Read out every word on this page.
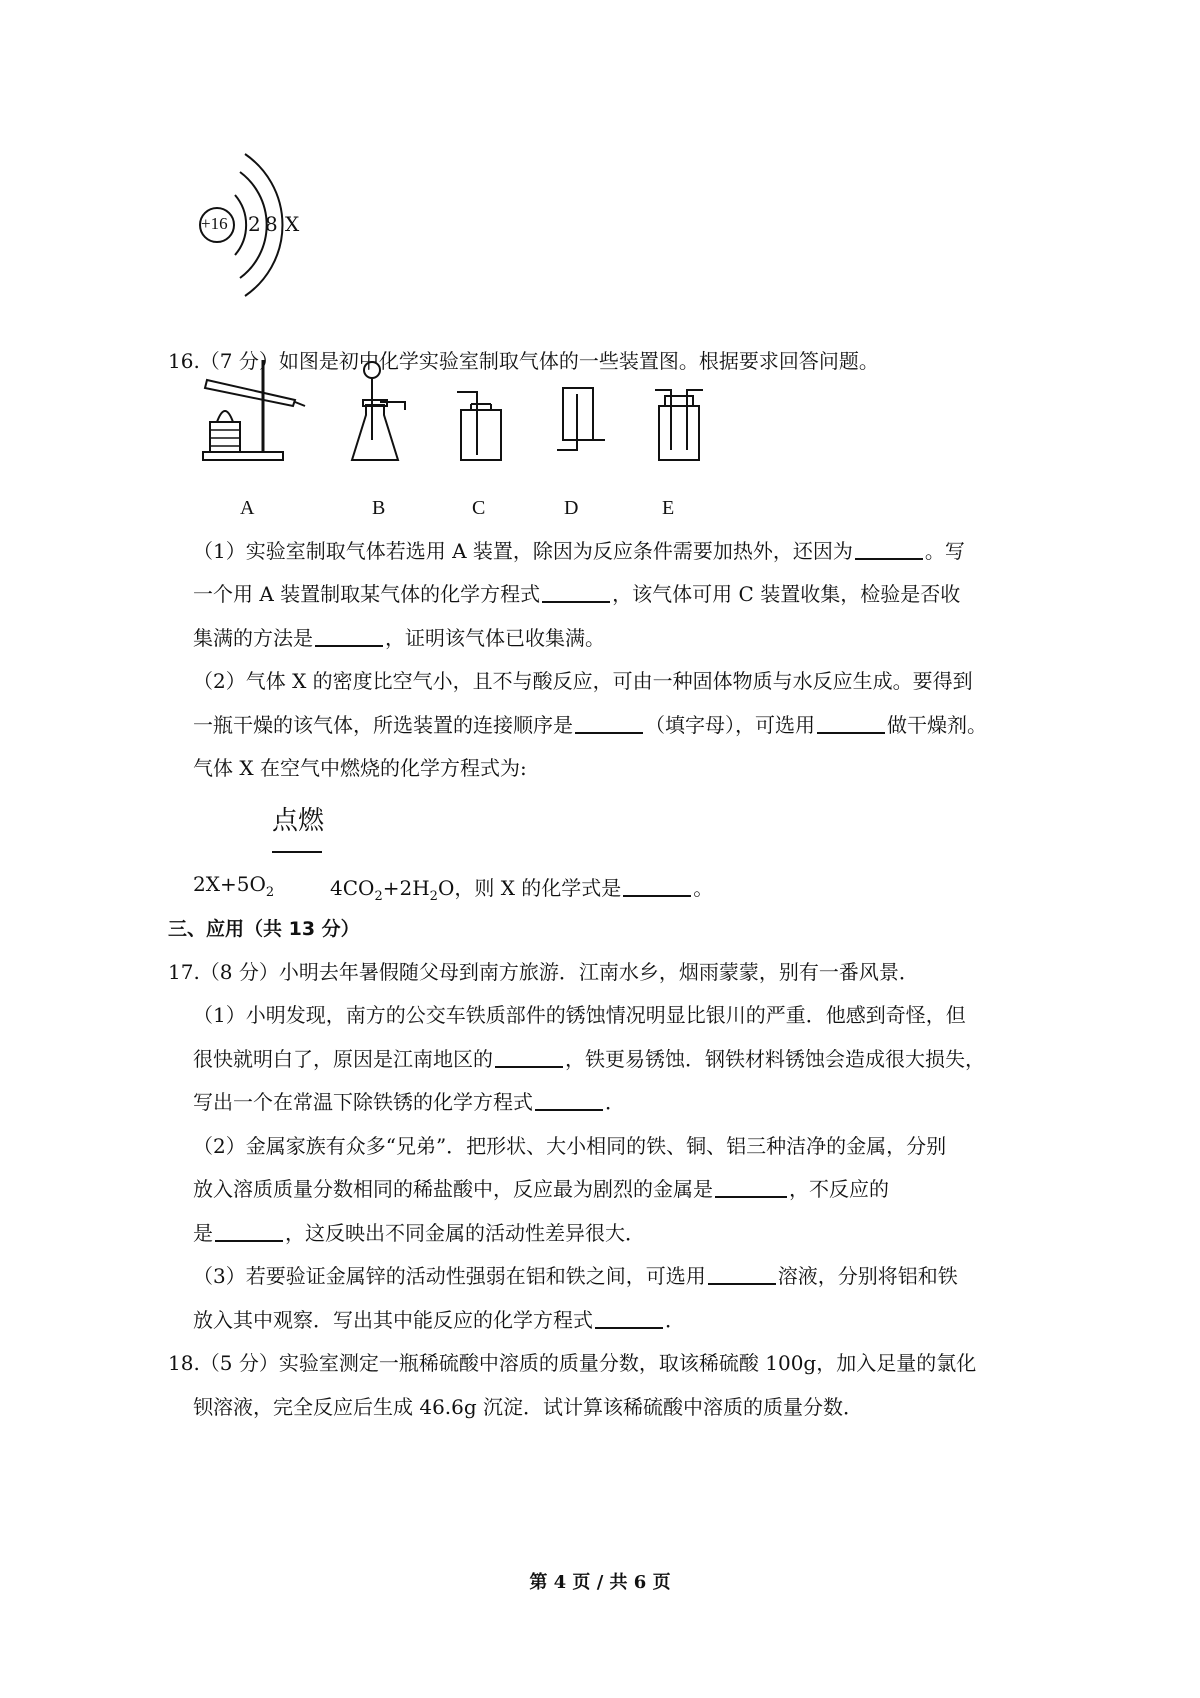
+16 2 8 X
16.（7 分）如图是初中化学实验室制取气体的一些装置图。根据要求回答问题。
A	B	C	D	E
（1）实验室制取气体若选用 A 装置，除因为反应条件需要加热外，还因为	。写
一个用 A 装置制取某气体的化学方程式	，该气体可用 C 装置收集，检验是否收
集满的方法是	，证明该气体已收集满。
（2）气体 X 的密度比空气小，且不与酸反应，可由一种固体物质与水反应生成。要得到
一瓶干燥的该气体，所选装置的连接顺序是	（填字母），可选用	做干燥剂。
气体 X 在空气中燃烧的化学方程式为:
点燃
$2X+5O_2$	$4CO_2+2H_2O$，则 X 的化学式是	。
三、应用（共 13 分）
17.（8 分）小明去年暑假随父母到南方旅游．江南水乡，烟雨蒙蒙，别有一番风景．
（1）小明发现，南方的公交车铁质部件的锈蚀情况明显比银川的严重．他感到奇怪，但
很快就明白了，原因是江南地区的	，铁更易锈蚀．钢铁材料锈蚀会造成很大损失，
写出一个在常温下除铁锈的化学方程式	．
（2）金属家族有众多“兄弟”．把形状、大小相同的铁、铜、铝三种洁净的金属，分别
放入溶质质量分数相同的稀盐酸中，反应最为剧烈的金属是	，不反应的
是	，这反映出不同金属的活动性差异很大．
（3）若要验证金属锌的活动性强弱在铝和铁之间，可选用	溶液，分别将铝和铁
放入其中观察．写出其中能反应的化学方程式	．
18.（5 分）实验室测定一瓶稀硫酸中溶质的质量分数，取该稀硫酸 100g，加入足量的氯化
钡溶液，完全反应后生成 46.6g 沉淀．试计算该稀硫酸中溶质的质量分数．
第 4 页 / 共 6 页
